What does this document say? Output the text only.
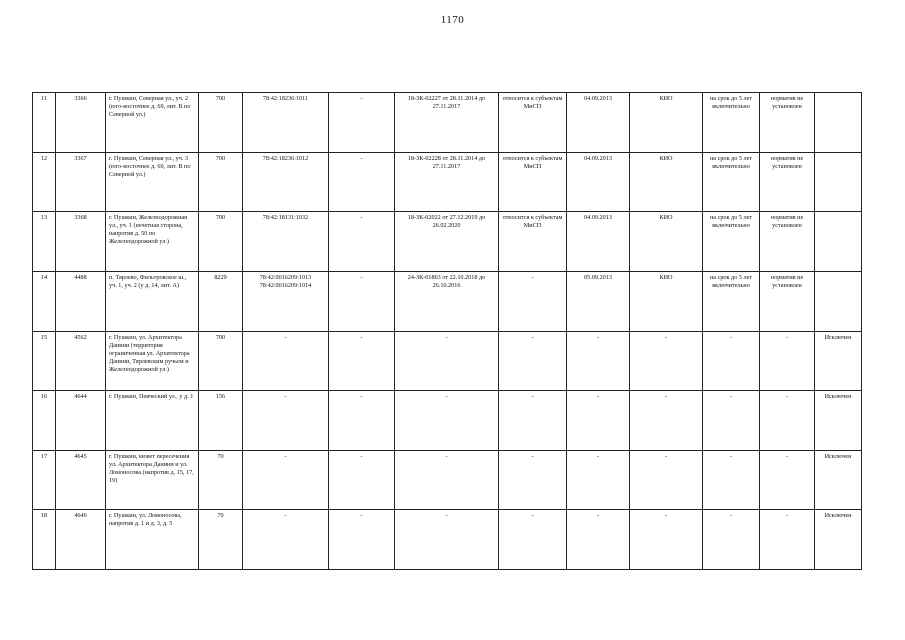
1170
11	3366	г. Пушкин, Северная ул., уч. 2 (юго-восточнее д. 69, лит. В по Северной ул.)	700	78:42:18236:1011	-	18-ЗК-02227 от 28.11.2014 до 27.11.2017	относится к субъектам МиСП	04.09.2013	КИО	на срок до 5 лет включительно	норматив не установлен	
12	3367	г. Пушкин, Северная ул., уч. 3 (юго-восточнее д. 69, лит. В по Северной ул.)	700	78:42:18236:1012	-	18-ЗК-02228 от 28.11.2014 до 27.11.2017	относится к субъектам МиСП	04.09.2013	КИО	на срок до 5 лет включительно	норматив не установлен	
13	3368	г. Пушкин, Железнодорожная ул., уч. 1 (нечетная сторона, напротив д. 50 по Железнодорожной ул.)	700	78:42:18131:1032	-	18-ЗК-02022 от 27.12.2019 до 26.02.2020	относится к субъектам МиСП	04.09.2013	КИО	на срок до 5 лет включительно	норматив не установлен	
14	4488	п. Тярлево, Фильтровское ш., уч. 1, уч. 2 (у д. 14, лит. А)	8229	78:42:0016209:1013 78:42:0016209:1014	-	24-ЗК-01863 от 22.10.2018 до 26.10.2016	-	05.09.2013	КИО	на срок до 5 лет включительно	норматив не установлен	
15	4562	г. Пушкин, ул. Архитектора Данини (территория ограниченная ул. Архитектора Данини, Тярлевским ручьем и Железнодорожной ул.)	700	-	-	-	-	-	-	-	-	Исключен
16	4644	г. Пушкин, Певческий ул., у д. 1	156	-	-	-	-	-	-	-	-	Исключен
17	4645	г. Пушкин, кювет пересечения ул. Архитектора Данини и ул. Ломоносова (напротив д. 15, 17, 19)	70	-	-	-	-	-	-	-	-	Исключен
18	4646	г. Пушкин, ул. Ломоносова, напротив д. 1 и д. 3, д. 5	70	-	-	-	-	-	-	-	-	Исключен
